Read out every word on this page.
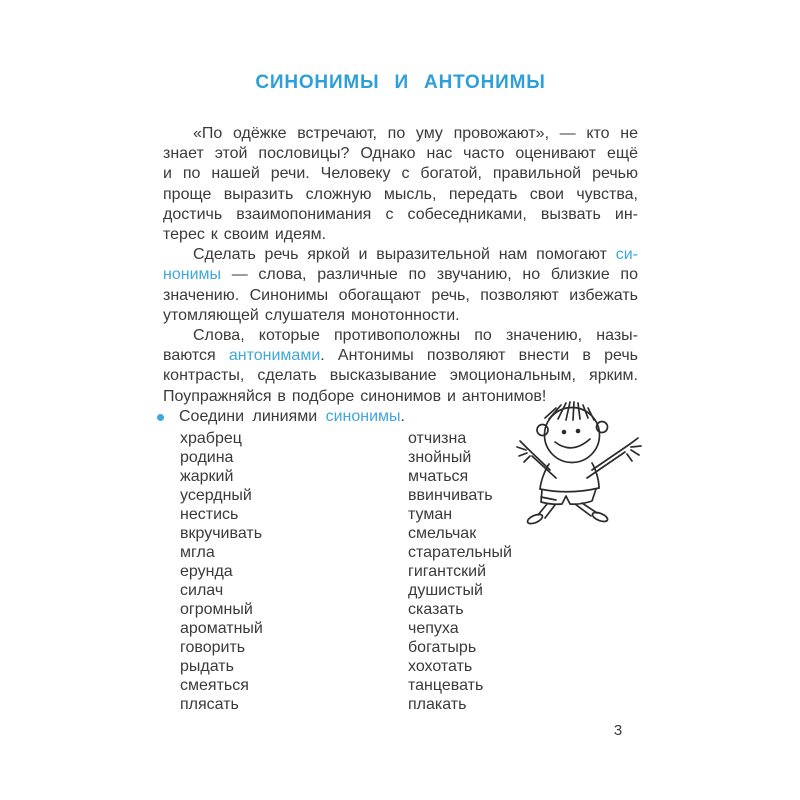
СИНОНИМЫ И АНТОНИМЫ
«По одёжке встречают, по уму провожают», — кто не
знает этой пословицы? Однако нас часто оценивают ещё
и по нашей речи. Человеку с богатой, правильной речью
проще выразить сложную мысль, передать свои чувства,
достичь взаимопонимания с собеседниками, вызвать ин-
терес к своим идеям.
Сделать речь яркой и выразительной нам помогают си-
нонимы — слова, различные по звучанию, но близкие по
значению. Синонимы обогащают речь, позволяют избежать
утомляющей слушателя монотонности.
Слова, которые противоположны по значению, назы-
ваются антонимами. Антонимы позволяют внести в речь
контрасты, сделать высказывание эмоциональным, ярким.
Поупражняйся в подборе синонимов и антонимов!
Соедини линиями синонимы.
храбрец
родина
жаркий
усердный
нестись
вкручивать
мгла
ерунда
силач
огромный
ароматный
говорить
рыдать
смеяться
плясать
отчизна
знойный
мчаться
ввинчивать
туман
смельчак
старательный
гигантский
душистый
сказать
чепуха
богатырь
хохотать
танцевать
плакать
3
